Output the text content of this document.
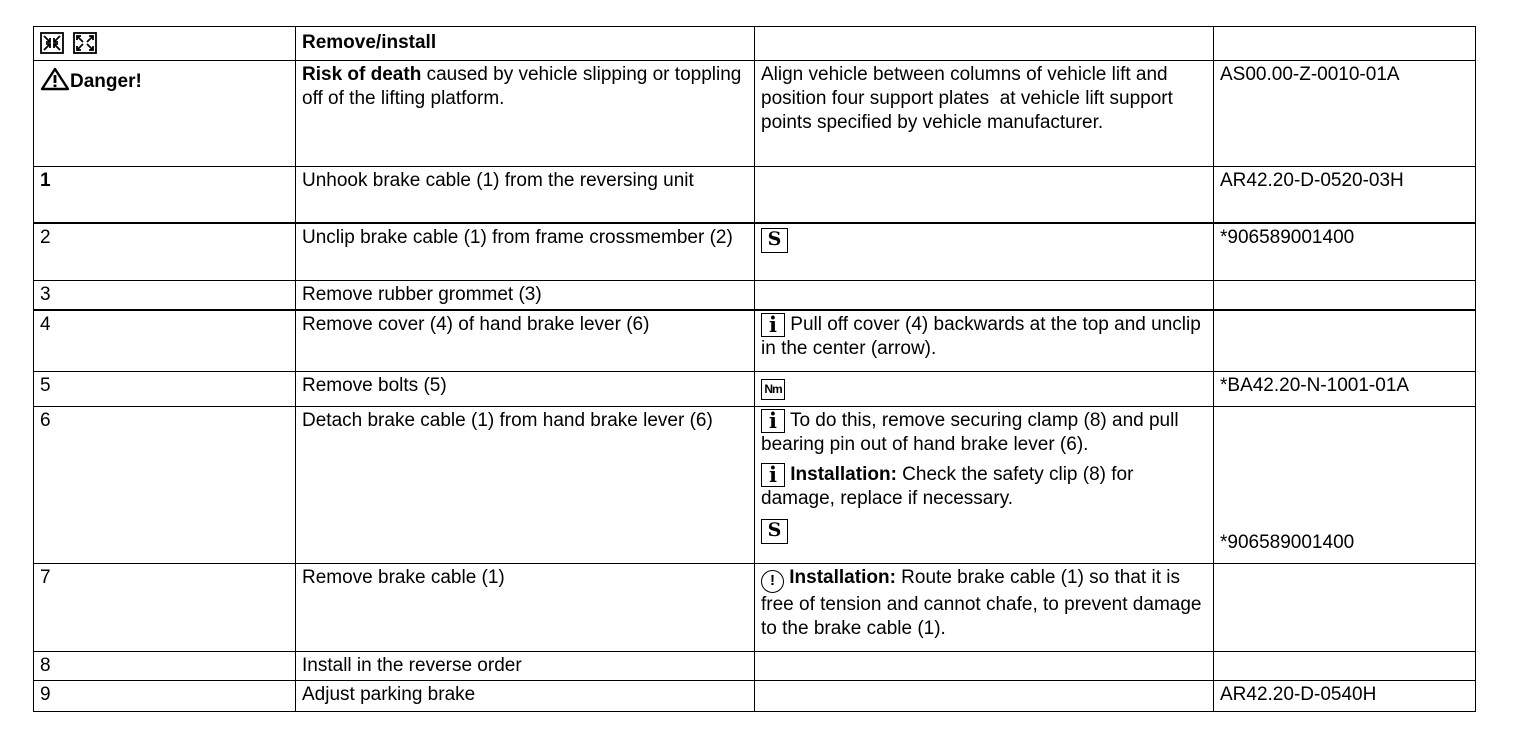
	Remove/install		
Danger!	Risk of death caused by vehicle slipping or toppling off of the lifting platform.	Align vehicle between columns of vehicle lift and position four support plates  at vehicle lift support points specified by vehicle manufacturer.	AS00.00-Z-0010-01A
1	Unhook brake cable (1) from the reversing unit		AR42.20-D-0520-03H
2	Unclip brake cable (1) from frame crossmember (2)	S	*906589001400
3	Remove rubber grommet (3)		
4	Remove cover (4) of hand brake lever (6)	i Pull off cover (4) backwards at the top and unclip in the center (arrow).	
5	Remove bolts (5)	Nm	*BA42.20-N-1001-01A
6	Detach brake cable (1) from hand brake lever (6)	i To do this, remove securing clamp (8) and pull bearing pin out of hand brake lever (6).
i Installation: Check the safety clip (8) for damage, replace if necessary.
S	*906589001400
7	Remove brake cable (1)	! Installation: Route brake cable (1) so that it is free of tension and cannot chafe, to prevent damage to the brake cable (1).	
8	Install in the reverse order		
9	Adjust parking brake		AR42.20-D-0540H
